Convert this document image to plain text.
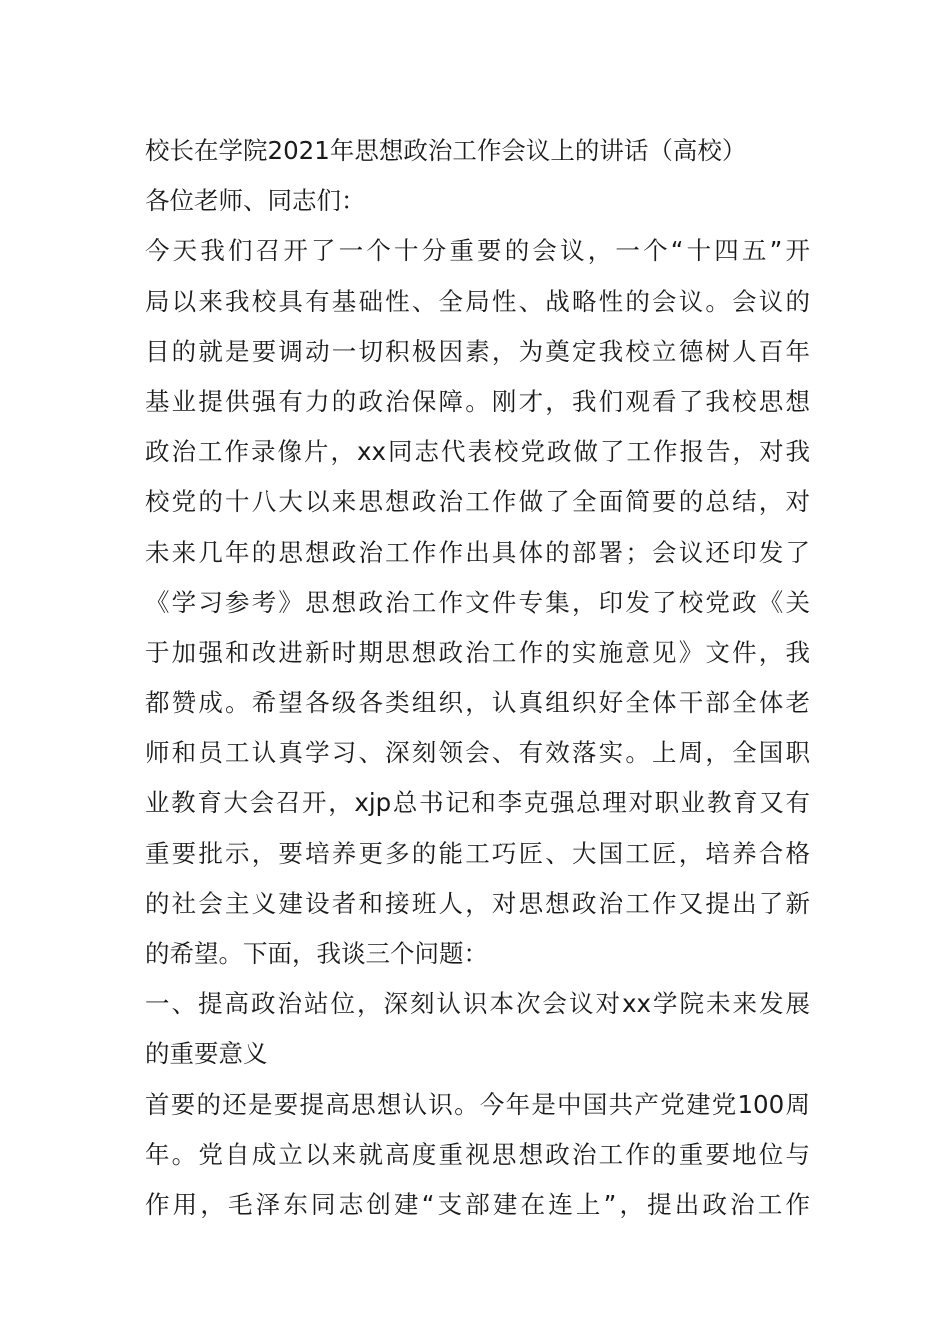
校长在学院2021年思想政治工作会议上的讲话（高校）
各位老师、同志们：
今天我们召开了一个十分重要的会议，一个“十四五”开
局以来我校具有基础性、全局性、战略性的会议。会议的
目的就是要调动一切积极因素，为奠定我校立德树人百年
基业提供强有力的政治保障。刚才，我们观看了我校思想
政治工作录像片，xx同志代表校党政做了工作报告，对我
校党的十八大以来思想政治工作做了全面简要的总结，对
未来几年的思想政治工作作出具体的部署；会议还印发了
《学习参考》思想政治工作文件专集，印发了校党政《关
于加强和改进新时期思想政治工作的实施意见》文件，我
都赞成。希望各级各类组织，认真组织好全体干部全体老
师和员工认真学习、深刻领会、有效落实。上周，全国职
业教育大会召开，xjp总书记和李克强总理对职业教育又有
重要批示，要培养更多的能工巧匠、大国工匠，培养合格
的社会主义建设者和接班人，对思想政治工作又提出了新
的希望。下面，我谈三个问题：
一、提高政治站位，深刻认识本次会议对xx学院未来发展
的重要意义
首要的还是要提高思想认识。今年是中国共产党建党100周
年。党自成立以来就高度重视思想政治工作的重要地位与
作用，毛泽东同志创建“支部建在连上”，提出政治工作
